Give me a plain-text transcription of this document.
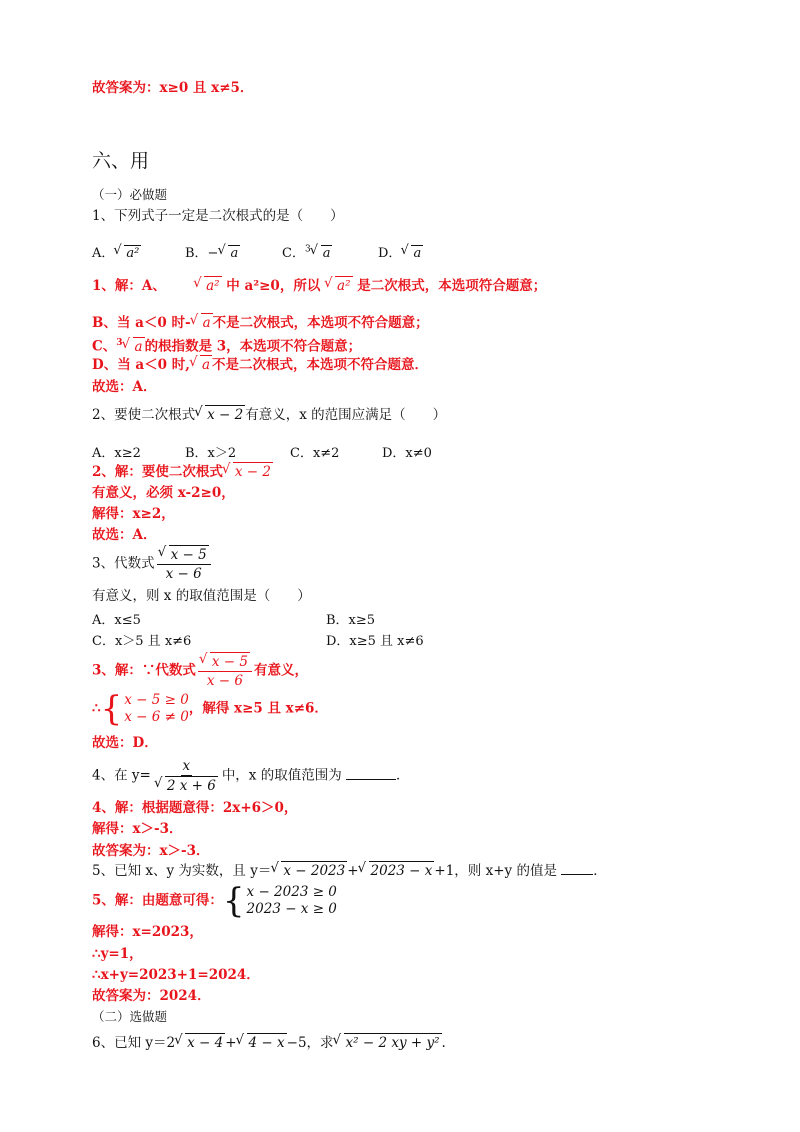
故答案为：x≥0 且 x≠5．
六、用
（一）必做题
1、下列式子一定是二次根式的是（　　）
A． √ a²	B．− √ a	C．$^3$ √ a	D． √ a
1、解：A、	√ a² 中 a²≥0，所以 √ a² 是二次根式，本选项符合题意；
B、当 a＜0 时- √ a 不是二次根式，本选项不符合题意；
C、$^3$ √ a 的根指数是 3，本选项不符合题意；
D、当 a＜0 时, √ a 不是二次根式，本选项不符合题意．
故选：A．
2、要使二次根式 √ x − 2 有意义，x 的范围应满足（　　）
A．x≥2	B．x＞2	C．x≠2	D．x≠0
2、解：要使二次根式 √ x − 2
有意义，必须 x-2≥0，
解得：x≥2，
故选：A．
3、代数式 √ $\frac{x - 5}{x - 6}$
有意义，则 x 的取值范围是（　　）
A．x≤5	B．x≥5
C．x＞5 且 x≠6	D．x≥5 且 x≠6
3、解：∵代数式 √ $\frac{x - 5}{x - 6}$ 有意义，
∴ { x − 5 ≥ 0
x − 6 ≠ 0
，解得 x≥5 且 x≠6．
故选：D．
4、在 y= x
√ 2 x + 6 中，x 的取值范围为	．
4、解：根据题意得：2x+6＞0，
解得：x＞-3．
故答案为：x＞-3．
5、已知 x、y 为实数，且 y＝ √ x − 2023 + √ 2023 − x +1，则 x+y 的值是	．
5、解：由题意可得： { x − 2023 ≥ 0
2023 − x ≥ 0
解得：x=2023，
∴y=1，
∴x+y=2023+1=2024．
故答案为：2024．
（二）选做题
6、已知 y＝2 √ x − 4 + √ 4 − x −5，求 √ x² − 2 xy + y² .
